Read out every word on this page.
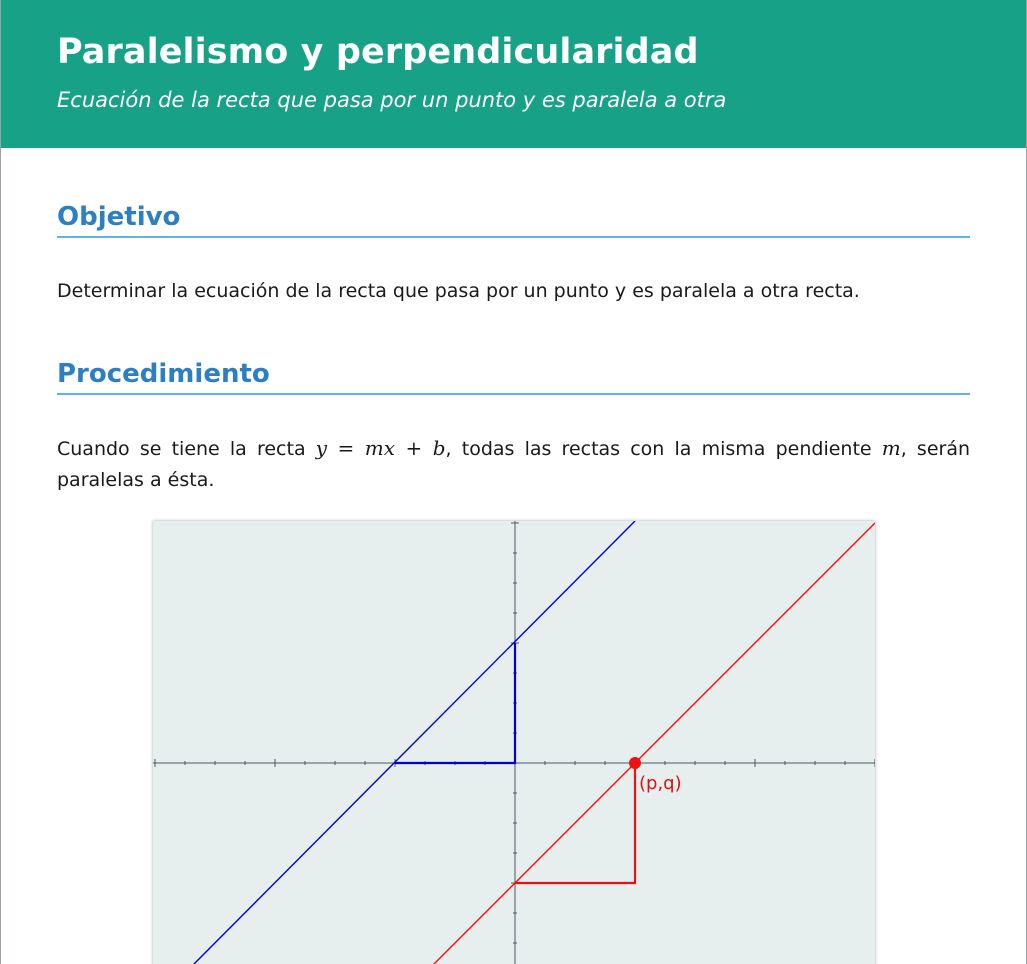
Paralelismo y perpendicularidad
Ecuación de la recta que pasa por un punto y es paralela a otra
Objetivo

Determinar la ecuación de la recta que pasa por un punto y es paralela a otra recta.

Procedimiento

Cuando se tiene la recta y = mx + b, todas las rectas con la misma pendiente m, serán paralelas a ésta.

(p,q)
